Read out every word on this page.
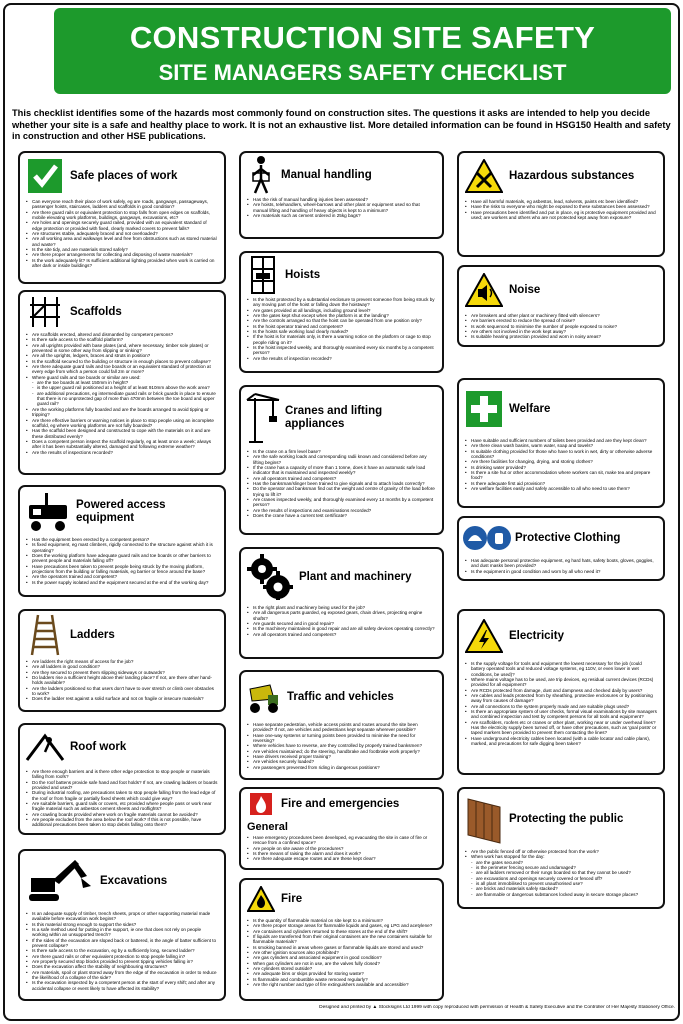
CONSTRUCTION SITE SAFETY
SITE MANAGERS SAFETY CHECKLIST
This checklist identifies some of the hazards most commonly found on construction sites. The questions it asks are intended to help you decide whether your site is a safe and healthy place to work. It is not an exhaustive list. More detailed information can be found in HSG150 Health and safety in construction and other HSE publications.
Safe places of work
• Can everyone reach their place of work safely, eg are roads, gangways, passageways, passenger hoists, staircases, ladders and scaffolds in good condition?
• Are there guard rails or equivalent protection to stop falls from open edges on scaffolds, mobile elevating work platforms, buildings, gangways, excavations, etc?
• Are holes and openings securely guard railed, provided with an equivalent standard of edge protection or provided with fixed, clearly marked covers to prevent falls?
• Are structures stable, adequately braced and not overloaded?
• Are all working area and walkways level and free from obstructions such as stored material and waste?
• Is the site tidy, and are materials stored safely?
• Are there proper arrangements for collecting and disposing of waste materials?
• Is the work adequately lit? Is sufficient additional lighting provided when work is carried on after dark or inside buildings?
Scaffolds
• Are scaffolds erected, altered and dismantled by competent persons?
• Is there safe access to the scaffold platform?
• Are all uprights provided with base plates (and, where necessary, timber sole plates) or prevented in some other way from slipping or sinking?
• Are all the uprights, ledgers, braces and struts in position?
• Is the scaffold secured to the building or structure in enough places to prevent collapse?
• Are there adequate guard rails and toe boards or an equivalent standard of protection at every edge from which a person could fall 2m or more?
• Where guard rails and toe boards or similar are used:
- are the toe boards at least 150mm in height?
- is the upper guard rail positioned at a height of at least 910mm above the work area?
- are additional precautions, eg intermediate guard rails or brick guards in place to ensure that there is no unprotected gap of more than 470mm between the toe board and upper guard rail?
• Are the working platforms fully boarded and are the boards arranged to avoid tipping or tripping?
• Are there effective barriers or warning notices in place to stop people using an incomplete scaffold, eg where working platforms are not fully boarded?
• Has the scaffold been designed and constructed to cope with the materials on it and are these distributed evenly?
• Does a competent person inspect the scaffold regularly, eg at least once a week; always after it has been substantially altered, damaged and following extreme weather?
• Are the results of inspections recorded?
Powered access equipment
• Has the equipment been erected by a competent person?
• Is fixed equipment, eg mast climbers, rigidly connected to the structure against which it is operating?
• Does the working platform have adequate guard rails and toe boards or other barriers to prevent people and materials falling off?
• Have precautions been taken to prevent people being struck by the moving platform, projections from the building or falling materials, eg barrier or fence around the base?
• Are the operators trained and competent?
• Is the power supply isolated and the equipment secured at the end of the working day?
Ladders
• Are ladders the right means of access for the job?
• Are all ladders in good condition?
• Are they secured to prevent them slipping sideways or outwards?
• Do ladders rise a sufficient height above their landing place? If not, are there other hand-holds available?
• Are the ladders positioned so that users don't have to over stretch or climb over obstacles to work?
• Does the ladder rest against a solid surface and not on fragile or insecure materials?
Roof work
• Are there enough barriers and is there other edge protection to stop people or materials falling from roofs?
• Do the roof battens provide safe hand and foot holds? If not, are crawling ladders or boards provided and used?
• During industrial roofing, are precautions taken to stop people falling from the lead edge of the roof or from fragile or partially fixed sheets which could give way?
• Are suitable barriers, guard rails or covers, etc provided where people pass or work near fragile material such as asbestos cement sheets and rooflights?
• Are crawling boards provided where work on fragile materials cannot be avoided?
• Are people excluded from the area below the roof work? If this is not possible, have additional precautions been taken to stop debris falling onto them?
Excavations
• Is an adequate supply of timber, trench sheets, props or other supporting material made available before excavation work begins?
• Is this material strong enough to support the sides?
• Is a safe method used for putting in the support, ie one that does not rely on people working within an unsupported trench?
• If the sides of the excavation are sloped back or battered, is the angle of batter sufficient to prevent collapse?
• Is there safe access to the excavation, eg by a sufficiently long, secured ladder?
• Are there guard rails or other equivalent protection to stop people falling in?
• Are properly secured stop blocks provided to prevent tipping vehicles falling in?
• Does the excavation affect the stability of neighbouring structures?
• Are materials, spoil or plant stored away from the edge of the excavation in order to reduce the likelihood of a collapse of the side?
• Is the excavation inspected by a competent person at the start of every shift; and after any accidental collapse or event likely to have affected its stability?
Manual handling
• Has the risk of manual handling injuries been assessed?
• Are hoists, telehandlers, wheel-barrows and other plant or equipment used so that manual lifting and handling of heavy objects is kept to a minimum?
• Are materials such as cement ordered in 25kg bags?
Hoists
• Is the hoist protected by a substantial enclosure to prevent someone from being struck by any moving part of the hoist or falling down the hoistway?
• Are gates provided at all landings, including ground level?
• Are the gates kept shut except when the platform is at the landing?
• Are the controls arranged so that the hoist can be operated from one position only?
• Is the hoist operator trained and competent?
• Is the hoists safe working load clearly marked?
• If the hoist is for materials only, is there a warning notice on the platform or cage to stop people riding on it?
• Is the hoist inspected weekly, and thoroughly examined every six months by a competent person?
• Are the results of inspection recorded?
Cranes and lifting appliances
• Is the crane on a firm level base?
• Are the safe working loads and corresponding radii known and considered before any lifting begins?
• If the crane has a capacity of more than 1 tonne, does it have an automatic safe load indicator that is maintained and inspected weekly?
• Are all operators trained and competent?
• Has the banksman/slinger been trained to give signals and to attach loads correctly?
• Do the operator and banksman find out the weight and centre of gravity of the load before trying to lift it?
• Are cranes inspected weekly, and thoroughly examined every 14 months by a competent person?
• Are the results of inspections and examinations recorded?
• Does the crane have a current test certificate?
Plant and machinery
• Is the right plant and machinery being used for the job?
• Are all dangerous parts guarded, eg exposed gears, chain drives, projecting engine shafts?
• Are guards secured and in good repair?
• Is the machinery maintained in good repair and are all safety devices operating correctly?
• Are all operators trained and competent?
Traffic and vehicles
• Have separate pedestrian, vehicle access points and routes around the site been provided? If not, are vehicles and pedestrians kept separate wherever possible?
• Have one-way systems or turning points been provided to minimise the need for reversing?
• Where vehicles have to reverse, are they controlled by properly trained banksmen?
• Are vehicles maintained; do the steering, handbrake and footbrake work properly?
• Have drivers received proper training?
• Are vehicles securely loaded?
• Are passengers prevented from riding in dangerous positions?
Fire and emergencies
General
• Have emergency procedures been developed, eg evacuating the site in case of fire or rescue from a confined space?
• Are people on site aware of the procedures?
• Is there means of raising the alarm and does it work?
• Are there adequate escape routes and are these kept clear?
Fire
• Is the quantity of flammable material on site kept to a minimum?
• Are there proper storage areas for flammable liquids and gases, eg LPG and acetylene?
• Are containers and cylinders returned to these stores at the end of the shift?
• If liquids are transferred from their original containers are the new containers suitable for flammable materials?
• Is smoking banned in areas where gases or flammable liquids are stored and used?
• Are other ignition sources also prohibited?
• Are gas cylinders and associated equipment in good condition?
• When gas cylinders are not in use, are the valves fully closed?
• Are cylinders stored outside?
• Are adequate bins or skips provided for storing waste?
• Is flammable and combustible waste removed regularly?
• Are the right number and type of fire extinguishers available and accessible?
Hazardous substances
• Have all harmful materials, eg asbestos, lead, solvents, paints etc been identified?
• Have the risks to everyone who might be exposed to these substances been assessed?
• Have precautions been identified and put in place, eg is protective equipment provided and used; are workers and others who are not protected kept away from exposure?
Noise
• Are breakers and other plant or machinery fitted with silencers?
• Are barriers erected to reduce the spread of noise?
• Is work sequenced to minimise the number of people exposed to noise?
• Are others not involved in the work kept away?
• Is suitable hearing protection provided and worn in noisy areas?
Welfare
• Have suitable and sufficient numbers of toilets been provided and are they kept clean?
• Are there clean wash basins, warm water, soap and towels?
• Is suitable clothing provided for those who have to work in wet, dirty or otherwise adverse conditions?
• Are there facilities for changing, drying, and storing clothes?
• Is drinking water provided?
• Is there a site hut or other accommodation where workers can sit, make tea and prepare food?
• Is there adequate first aid provision?
• Are welfare facilities easily and safely accessible to all who need to use them?
Protective Clothing
• Has adequate personal protective equipment, eg hard hats, safety boots, gloves, goggles, and dust masks been provided?
• Is the equipment in good condition and worn by all who need it?
Electricity
• Is the supply voltage for tools and equipment the lowest necessary for the job (could battery operated tools and reduced voltage systems, eg 110V, or even lower in wet conditions, be used)?
• Where mains voltage has to be used, are trip devices, eg residual current devices (RCDs) provided for all equipment?
• Are RCDs protected from damage, dust and dampness and checked daily by users?
• Are cables and leads protected from by sheathing, protective enclosures or by positioning away from causes of damage?
• Are all connections to the system properly made and are suitable plugs used?
• Is there an appropriate system of user checks, formal visual examinations by site managers and combined inspection and test by competent persons for all tools and equipment?
• Are scaffolders, roofers etc or cranes or other plant, working near or under overhead lines? Has the electricity supply been turned off, or have other precautions, such as 'goal posts' or taped markers been provided to prevent them contacting the lines?
• Have underground electricity cables been located (with a cable locator and cable plans), marked, and precautions for safe digging been taken?
Protecting the public
• Are the public fenced off or otherwise protected from the work?
• When work has stopped for the day:
- are the gates secured?
- is the perimeter fencing secure and undamaged?
- are all ladders removed or their rungs boarded so that they cannot be used?
- are excavations and openings securely covered or fenced off?
- is all plant immobilised to prevent unauthorised use?
- are bricks and materials safely stacked?
- are flammable or dangerous substances locked away in secure storage places?
Designed and printed by ▲ Stocksigns Ltd 1999 with copy reproduced with permission of Health & Safety Executive and the Controller of Her Majesty Stationery Office.
